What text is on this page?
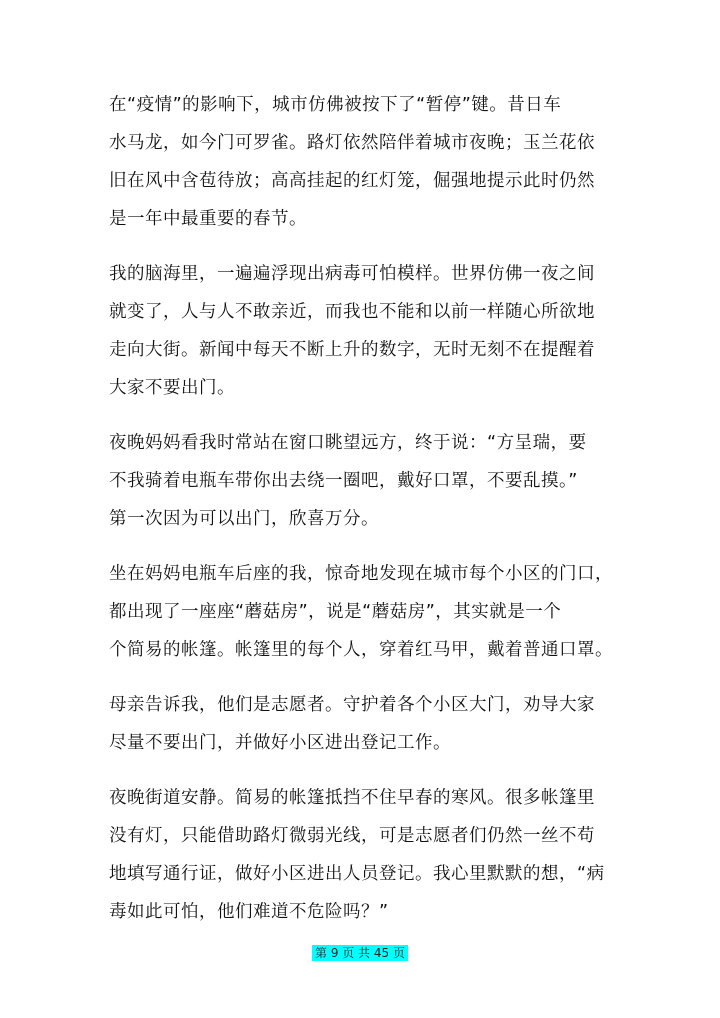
在“疫情”的影响下，城市仿佛被按下了“暂停”键。昔日车
水马龙，如今门可罗雀。路灯依然陪伴着城市夜晚；玉兰花依
旧在风中含苞待放；高高挂起的红灯笼，倔强地提示此时仍然
是一年中最重要的春节。
我的脑海里，一遍遍浮现出病毒可怕模样。世界仿佛一夜之间
就变了，人与人不敢亲近，而我也不能和以前一样随心所欲地
走向大街。新闻中每天不断上升的数字，无时无刻不在提醒着
大家不要出门。
夜晚妈妈看我时常站在窗口眺望远方，终于说：“方呈瑞，要
不我骑着电瓶车带你出去绕一圈吧，戴好口罩，不要乱摸。”
第一次因为可以出门，欣喜万分。
坐在妈妈电瓶车后座的我，惊奇地发现在城市每个小区的门口，
都出现了一座座“蘑菇房”，说是“蘑菇房”，其实就是一个
个简易的帐篷。帐篷里的每个人，穿着红马甲，戴着普通口罩。
母亲告诉我，他们是志愿者。守护着各个小区大门，劝导大家
尽量不要出门，并做好小区进出登记工作。
夜晚街道安静。简易的帐篷抵挡不住早春的寒风。很多帐篷里
没有灯，只能借助路灯微弱光线，可是志愿者们仍然一丝不苟
地填写通行证，做好小区进出人员登记。我心里默默的想，“病
毒如此可怕，他们难道不危险吗？”
第 9 页 共 45 页
